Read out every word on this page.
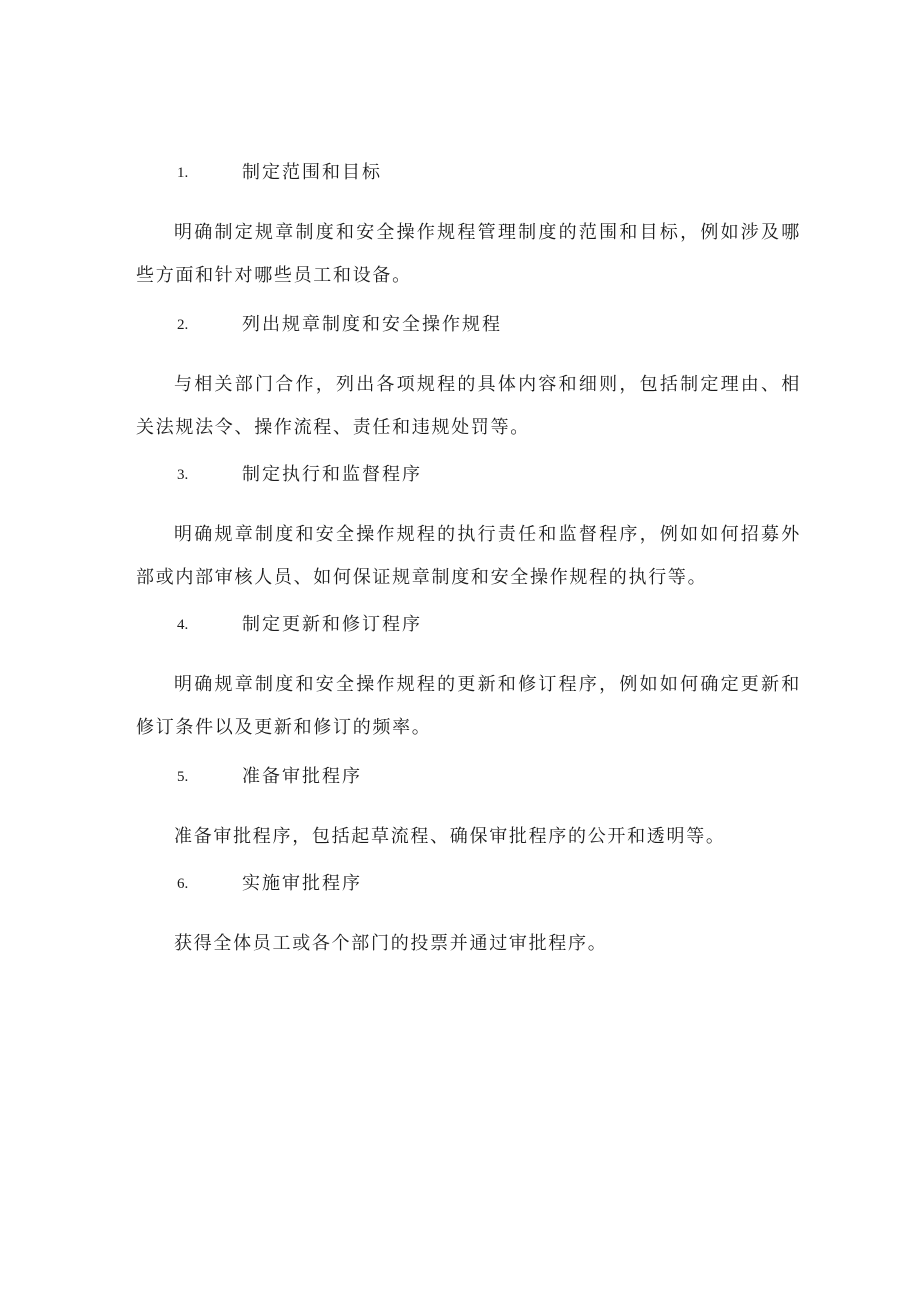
1.	制定范围和目标

明确制定规章制度和安全操作规程管理制度的范围和目标，例如涉及哪些方面和针对哪些员工和设备。

2.	列出规章制度和安全操作规程

与相关部门合作，列出各项规程的具体内容和细则，包括制定理由、相关法规法令、操作流程、责任和违规处罚等。

3.	制定执行和监督程序

明确规章制度和安全操作规程的执行责任和监督程序，例如如何招募外部或内部审核人员、如何保证规章制度和安全操作规程的执行等。

4.	制定更新和修订程序

明确规章制度和安全操作规程的更新和修订程序，例如如何确定更新和修订条件以及更新和修订的频率。

5.	准备审批程序

准备审批程序，包括起草流程、确保审批程序的公开和透明等。

6.	实施审批程序

获得全体员工或各个部门的投票并通过审批程序。
